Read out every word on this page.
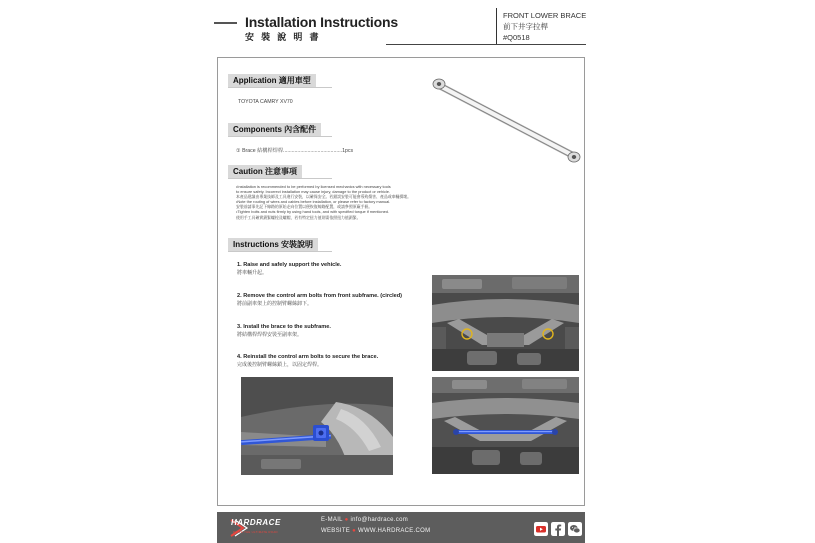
Installation Instructions
安 裝 說 明 書
FRONT LOWER BRACE
前下井字拉桿
#Q0518
Application 適用車型
TOYOTA CAMRY XV70
Components 內含配件
① Brace 結構桿焊桿.........................................1pcs
Caution 注意事項
•Installation is recommended to be performed by licensed mechanics with necessary tools
to ensure safety. Incorrect installation may cause injury, damage to the product or vehicle.
本產品建議由專業技師及工具進行安裝，以確保安全。若錯誤安裝可能會導致傷害、產品或車輛損壞。
•Note the routing of wires and cables before installation, or please refer to factory manual.
安裝前請事先記下線路的原始走向位置以便恢復線路配置，或請參照原廠手冊。
•Tighten bolts and nuts firmly by using hand tools, and with specified torque if mentioned.
使用手工具確實鎖緊螺栓及螺帽，若有特定扭力值則需依照扭力值鎖緊。
Instructions 安裝說明
1. Raise and safely support the vehicle.
將車輛升起。
2. Remove the control arm bolts from front subframe. (circled)
將前副車架上的控制臂螺絲卸下。
3. Install the brace to the subframe.
將結構桿焊桿安裝至副車架。
4. Reinstall the control arm bolts to secure the brace.
完成後控制臂螺絲鎖上，以固定焊桿。
HARDRACE
DRIVE THE ULTIMATE ROAD
E-MAIL ● info@hardrace.com
WEBSITE ● WWW.HARDRACE.COM
